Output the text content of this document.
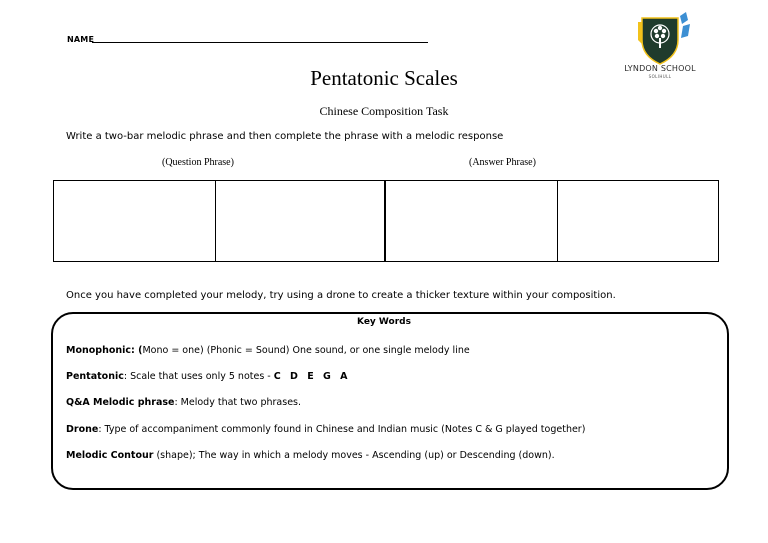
NAME
LYNDON SCHOOL
SOLIHULL
Pentatonic Scales
Chinese Composition Task
Write a two-bar melodic phrase and then complete the phrase with a melodic response
(Question Phrase)	(Answer Phrase)
Once you have completed your melody, try using a drone to create a thicker texture within your composition.
Key Words
Monophonic: (Mono = one) (Phonic = Sound) One sound, or one single melody line
Pentatonic: Scale that uses only 5 notes - C D E G A
Q&A Melodic phrase: Melody that two phrases.
Drone: Type of accompaniment commonly found in Chinese and Indian music (Notes C & G played together)
Melodic Contour (shape); The way in which a melody moves - Ascending (up) or Descending (down).
